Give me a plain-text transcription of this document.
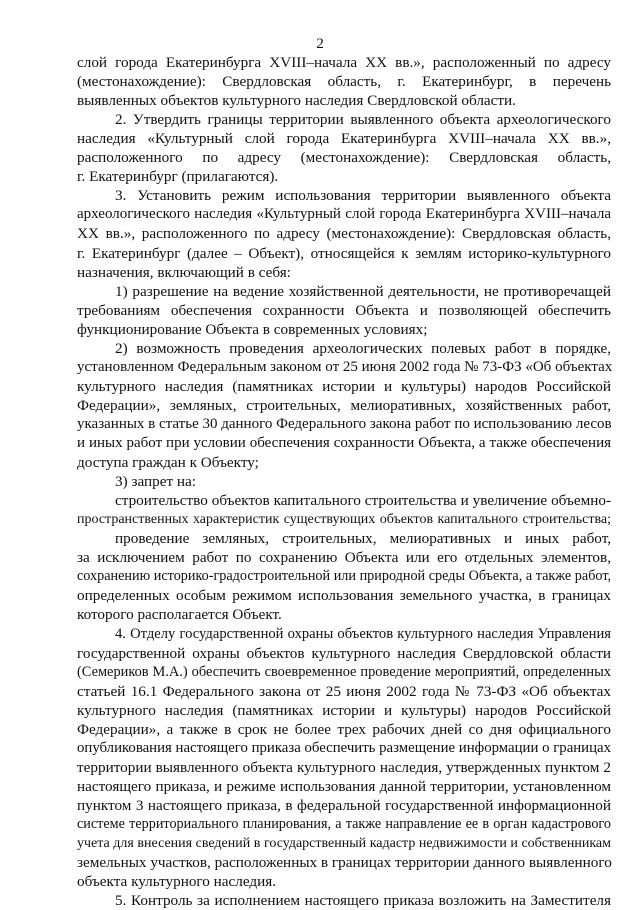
2
слой города Екатеринбурга XVIII–начала XX вв.», расположенный по адресу
(местонахождение): Свердловская область, г. Екатеринбург, в перечень
выявленных объектов культурного наследия Свердловской области.
2. Утвердить границы территории выявленного объекта археологического
наследия «Культурный слой города Екатеринбурга XVIII–начала XX вв.»,
расположенного по адресу (местонахождение): Свердловская область,
г. Екатеринбург (прилагаются).
3. Установить режим использования территории выявленного объекта
археологического наследия «Культурный слой города Екатеринбурга XVIII–начала
XX вв.», расположенного по адресу (местонахождение): Свердловская область,
г. Екатеринбург (далее – Объект), относящейся к землям историко-культурного
назначения, включающий в себя:
1) разрешение на ведение хозяйственной деятельности, не противоречащей
требованиям обеспечения сохранности Объекта и позволяющей обеспечить
функционирование Объекта в современных условиях;
2) возможность проведения археологических полевых работ в порядке,
установленном Федеральным законом от 25 июня 2002 года № 73-ФЗ «Об объектах
культурного наследия (памятниках истории и культуры) народов Российской
Федерации», земляных, строительных, мелиоративных, хозяйственных работ,
указанных в статье 30 данного Федерального закона работ по использованию лесов
и иных работ при условии обеспечения сохранности Объекта, а также обеспечения
доступа граждан к Объекту;
3) запрет на:
строительство объектов капитального строительства и увеличение объемно-
пространственных характеристик существующих объектов капитального строительства;
проведение земляных, строительных, мелиоративных и иных работ,
за исключением работ по сохранению Объекта или его отдельных элементов,
сохранению историко-градостроительной или природной среды Объекта, а также работ,
определенных особым режимом использования земельного участка, в границах
которого располагается Объект.
4. Отделу государственной охраны объектов культурного наследия Управления
государственной охраны объектов культурного наследия Свердловской области
(Семериков М.А.) обеспечить своевременное проведение мероприятий, определенных
статьей 16.1 Федерального закона от 25 июня 2002 года № 73-ФЗ «Об объектах
культурного наследия (памятниках истории и культуры) народов Российской
Федерации», а также в срок не более трех рабочих дней со дня официального
опубликования настоящего приказа обеспечить размещение информации о границах
территории выявленного объекта культурного наследия, утвержденных пунктом 2
настоящего приказа, и режиме использования данной территории, установленном
пунктом 3 настоящего приказа, в федеральной государственной информационной
системе территориального планирования, а также направление ее в орган кадастрового
учета для внесения сведений в государственный кадастр недвижимости и собственникам
земельных участков, расположенных в границах территории данного выявленного
объекта культурного наследия.
5. Контроль за исполнением настоящего приказа возложить на Заместителя
